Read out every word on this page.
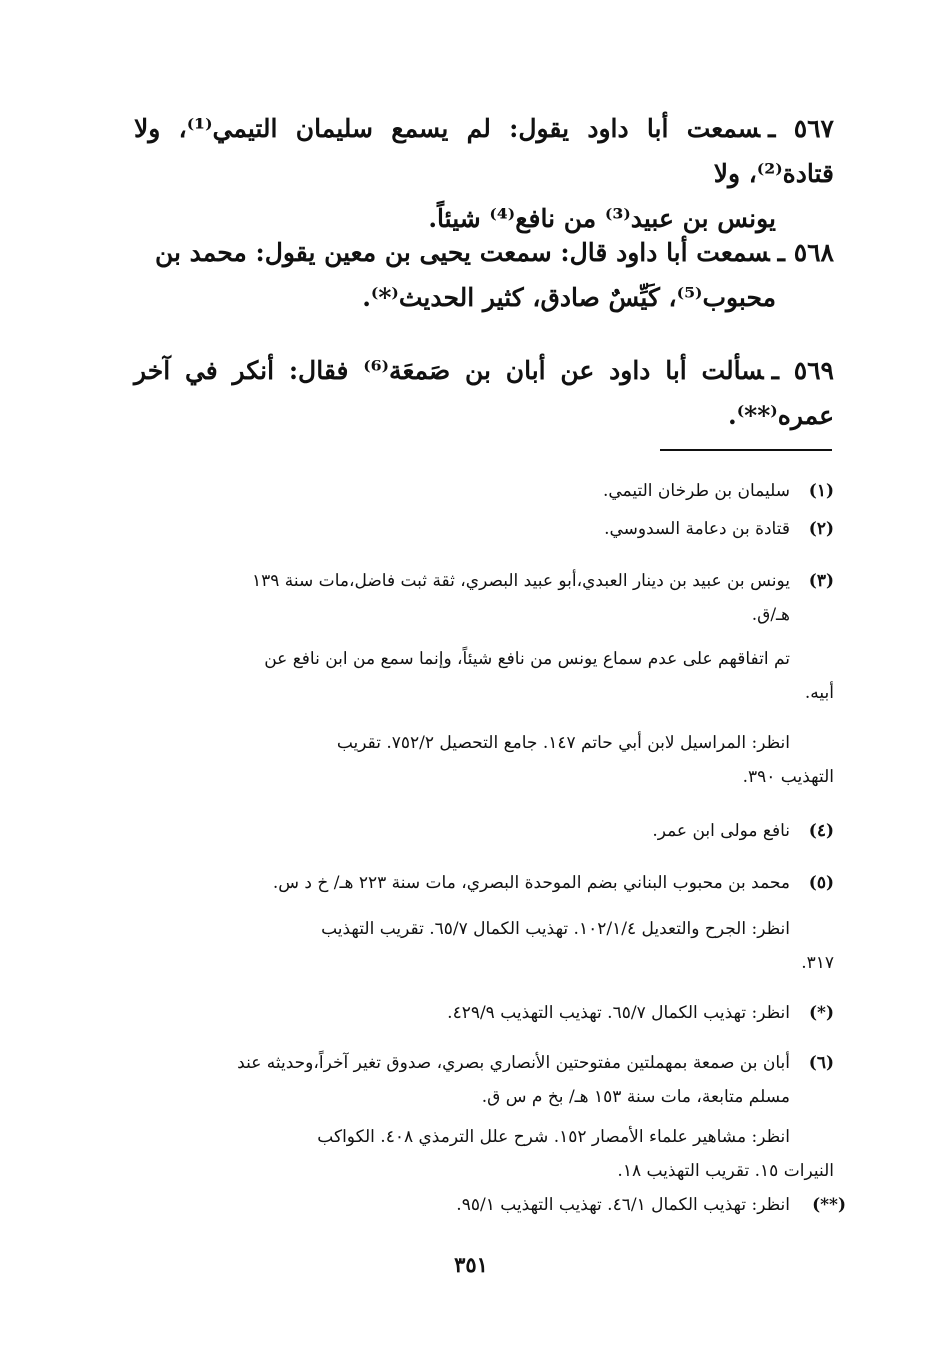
٥٦٧ ـسمعت أبا داود يقول: لم يسمع سليمان التيمي⁽¹⁾، ولا قتادة⁽²⁾، ولا
يونس بن عبيد⁽³⁾ من نافع⁽⁴⁾ شيئاً.
٥٦٨ ـسمعت أبا داود قال: سمعت يحيى بن معين يقول: محمد بن
محبوب⁽⁵⁾، كَيِّسٌ صادق، كثير الحديث⁽*⁾.
٥٦٩ ـسألت أبا داود عن أبان بن صَمعَة⁽⁶⁾ فقال: أنكر في آخر عمره⁽**⁾.
(١)سليمان بن طرخان التيمي.
(٢)قتادة بن دعامة السدوسي.
(٣)يونس بن عبيد بن دينار العبدي،أبو عبيد البصري، ثقة ثبت فاضل،مات سنة ١٣٩
هـ/ق.
تم اتفاقهم على عدم سماع يونس من نافع شيئاً، وإنما سمع من ابن نافع عن
أبيه.
انظر: المراسيل لابن أبي حاتم ١٤٧. جامع التحصيل ٧٥٢/٢. تقريب
التهذيب ٣٩٠.
(٤)نافع مولى ابن عمر.
(٥)محمد بن محبوب البناني بضم الموحدة البصري، مات سنة ٢٢٣ هـ/ خ د س.
انظر: الجرح والتعديل ١٠٢/١/٤. تهذيب الكمال ٦٥/٧. تقريب التهذيب
٣١٧.
(*)انظر: تهذيب الكمال ٦٥/٧. تهذيب التهذيب ٤٢٩/٩.
(٦)أبان بن صمعة بمهملتين مفتوحتين الأنصاري بصري، صدوق تغير آخراً،وحديثه عند
مسلم متابعة، مات سنة ١٥٣ هـ/ بخ م س ق.
انظر: مشاهير علماء الأمصار ١٥٢. شرح علل الترمذي ٤٠٨. الكواكب
النيرات ١٥. تقريب التهذيب ١٨.
(**)انظر: تهذيب الكمال ٤٦/١. تهذيب التهذيب ٩٥/١.
٣٥١
